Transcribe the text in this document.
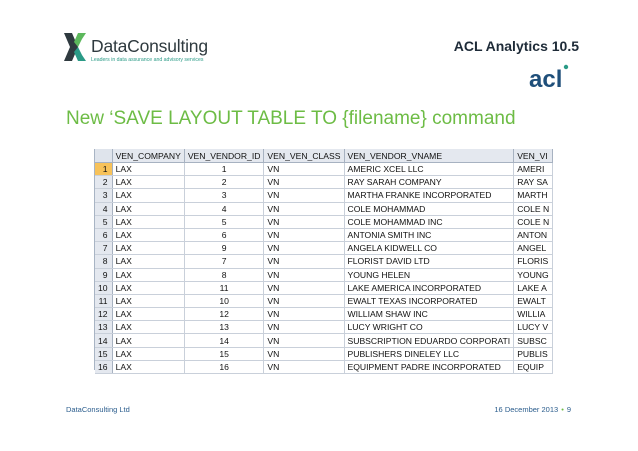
DataConsulting
Leaders in data assurance and advisory services
ACL Analytics 10.5
acl
New ‘SAVE LAYOUT TABLE TO {filename} command
	VEN_COMPANY	VEN_VENDOR_ID	VEN_VEN_CLASS	VEN_VENDOR_VNAME	VEN_VI
1	LAX	1	VN	AMERIC XCEL LLC	AMERI
2	LAX	2	VN	RAY SARAH COMPANY	RAY SA
3	LAX	3	VN	MARTHA FRANKE INCORPORATED	MARTH
4	LAX	4	VN	COLE MOHAMMAD	COLE N
5	LAX	5	VN	COLE MOHAMMAD INC	COLE N
6	LAX	6	VN	ANTONIA SMITH INC	ANTON
7	LAX	9	VN	ANGELA KIDWELL CO	ANGEL
8	LAX	7	VN	FLORIST DAVID LTD	FLORIS
9	LAX	8	VN	YOUNG HELEN	YOUNG
10	LAX	11	VN	LAKE AMERICA INCORPORATED	LAKE A
11	LAX	10	VN	EWALT TEXAS INCORPORATED	EWALT
12	LAX	12	VN	WILLIAM SHAW INC	WILLIA
13	LAX	13	VN	LUCY WRIGHT CO	LUCY V
14	LAX	14	VN	SUBSCRIPTION EDUARDO CORPORATI	SUBSC
15	LAX	15	VN	PUBLISHERS DINELEY LLC	PUBLIS
16	LAX	16	VN	EQUIPMENT PADRE INCORPORATED	EQUIP
DataConsulting Ltd	16 December 2013 • 9
